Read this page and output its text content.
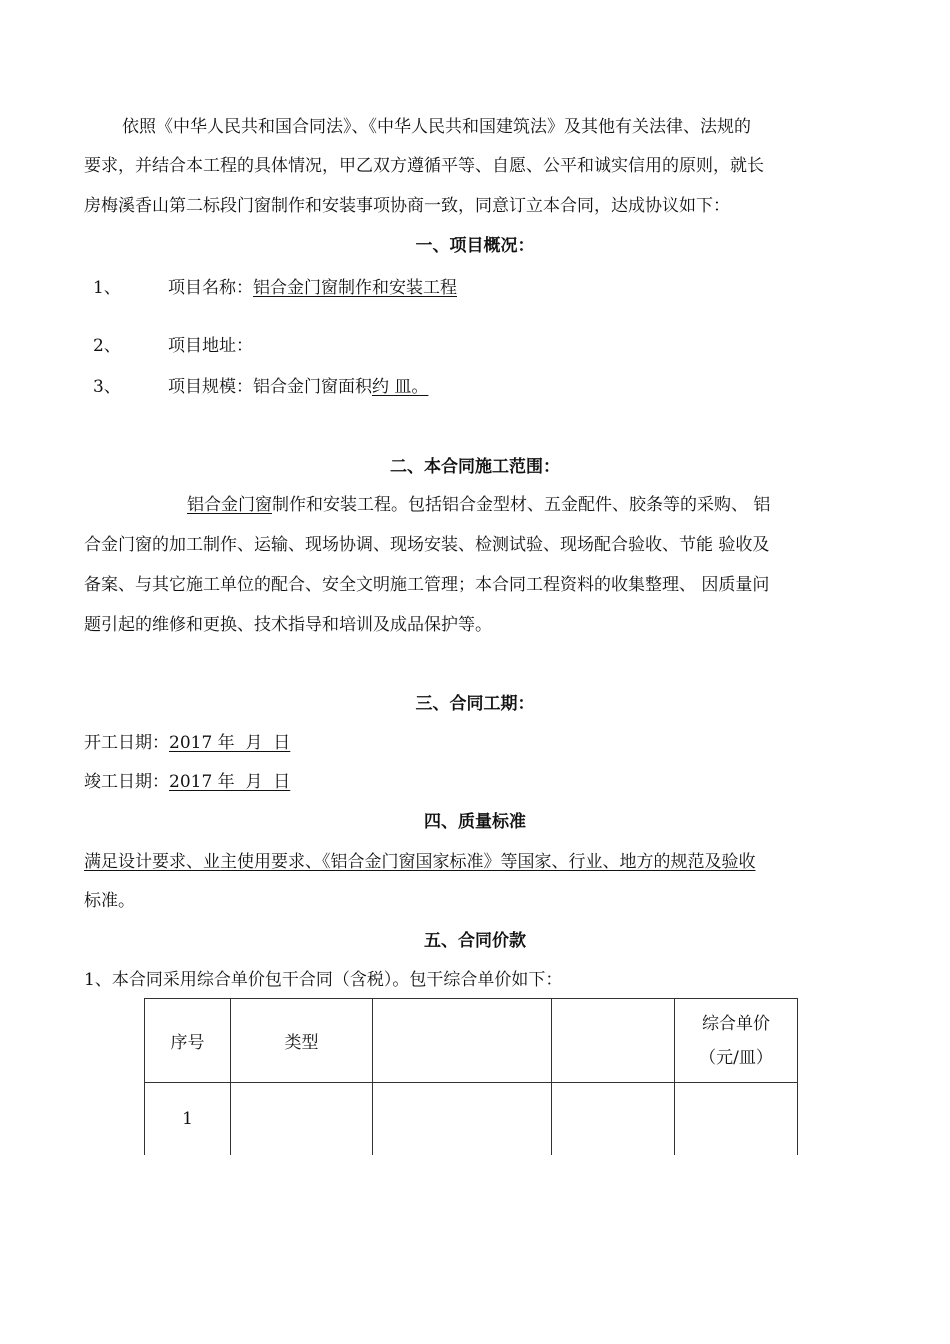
依照《中华人民共和国合同法》、《中华人民共和国建筑法》及其他有关法律、法规的
要求，并结合本工程的具体情况，甲乙双方遵循平等、自愿、公平和诚实信用的原则，就长
房梅溪香山第二标段门窗制作和安装事项协商一致，同意订立本合同，达成协议如下：
一、项目概况：
1、	项目名称：铝合金门窗制作和安装工程
2、	项目地址：
3、	项目规模：铝合金门窗面积约 皿。
二、本合同施工范围：
铝合金门窗制作和安装工程。包括铝合金型材、五金配件、胶条等的采购、 铝
合金门窗的加工制作、运输、现场协调、现场安装、检测试验、现场配合验收、节能 验收及
备案、与其它施工单位的配合、安全文明施工管理；本合同工程资料的收集整理、 因质量问
题引起的维修和更换、技术指导和培训及成品保护等。
三、合同工期：
开工日期：2017 年  月  日
竣工日期：2017 年  月  日
四、质量标准
满足设计要求、业主使用要求、《铝合金门窗国家标准》等国家、行业、地方的规范及验收
标准。
五、合同价款
1、本合同采用综合单价包干合同（含税）。包干综合单价如下：
序号	类型			综合单价
（元/皿）

1				
